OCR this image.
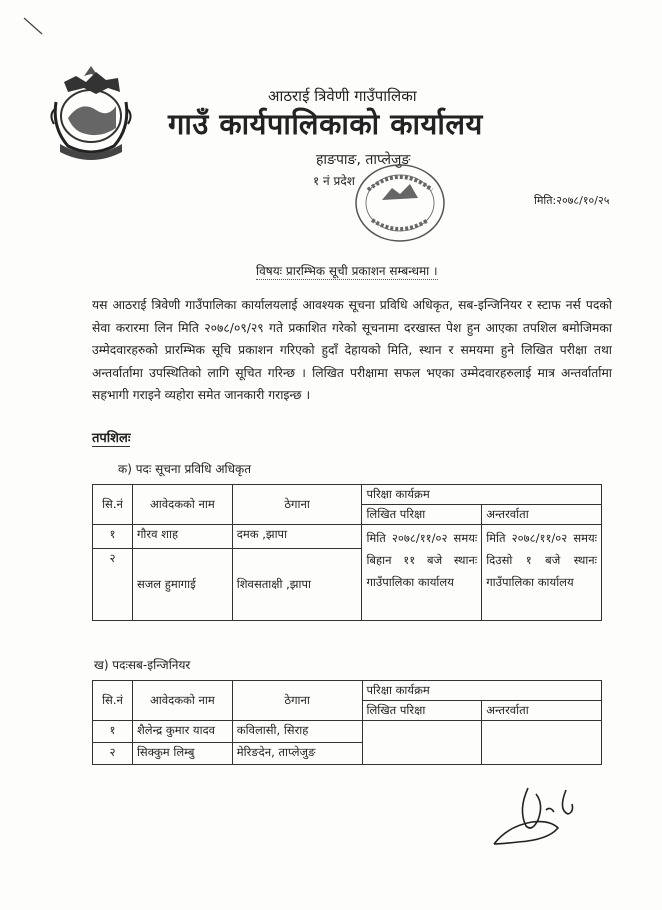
आठराई त्रिवेणी गाउँपालिका
गाउँ कार्यपालिकाको कार्यालय
हाङपाङ, ताप्लेजुङ
१ नं प्रदेश
मिति:२०७८/१०/२५
विषयः प्रारम्भिक सूची प्रकाशन सम्बन्धमा ।
यस आठराई त्रिवेणी गाउँपालिका कार्यालयलाई आवश्यक सूचना प्रविधि अधिकृत, सब-इन्जिनियर र स्टाफ नर्स पदको सेवा करारमा लिन मिति २०७८/०९/२९ गते प्रकाशित गरेको सूचनामा दरखास्त पेश हुन आएका तपशिल बमोजिमका उम्मेदवारहरुको प्रारम्भिक सूचि प्रकाशन गरिएको हुदाँ देहायको मिति, स्थान र समयमा हुने लिखित परीक्षा तथा अन्तर्वार्तामा उपस्थितिको लागि सूचित गरिन्छ । लिखित परीक्षामा सफल भएका उम्मेदवारहरुलाई मात्र अन्तर्वार्तामा सहभागी गराइने व्यहोरा समेत जानकारी गराइन्छ ।
तपशिलः
क) पदः सूचना प्रविधि अधिकृत
सि.नं	आवेदकको नाम	ठेगाना	परिक्षा कार्यक्रम	
			लिखित परिक्षा	अन्तरर्वाता
१	गौरव शाह	दमक ,झापा	मिति २०७८/११/०२ समयः बिहान ११ बजे स्थानः गाउँपालिका कार्यालय	मिति २०७८/११/०२ समयः दिउसो १ बजे स्थानः गाउँपालिका कार्यालय
२	सजल हुमागाई	शिवसताक्षी ,झापा		
ख) पदःसब-इन्जिनियर
सि.नं	आवेदकको नाम	ठेगाना	परिक्षा कार्यक्रम	
			लिखित परिक्षा	अन्तरर्वाता
१	शैलेन्द्र कुमार यादव	कविलासी, सिराह		
२	सिक्कुम लिम्बु	मेरिङदेन, ताप्लेजुङ		
